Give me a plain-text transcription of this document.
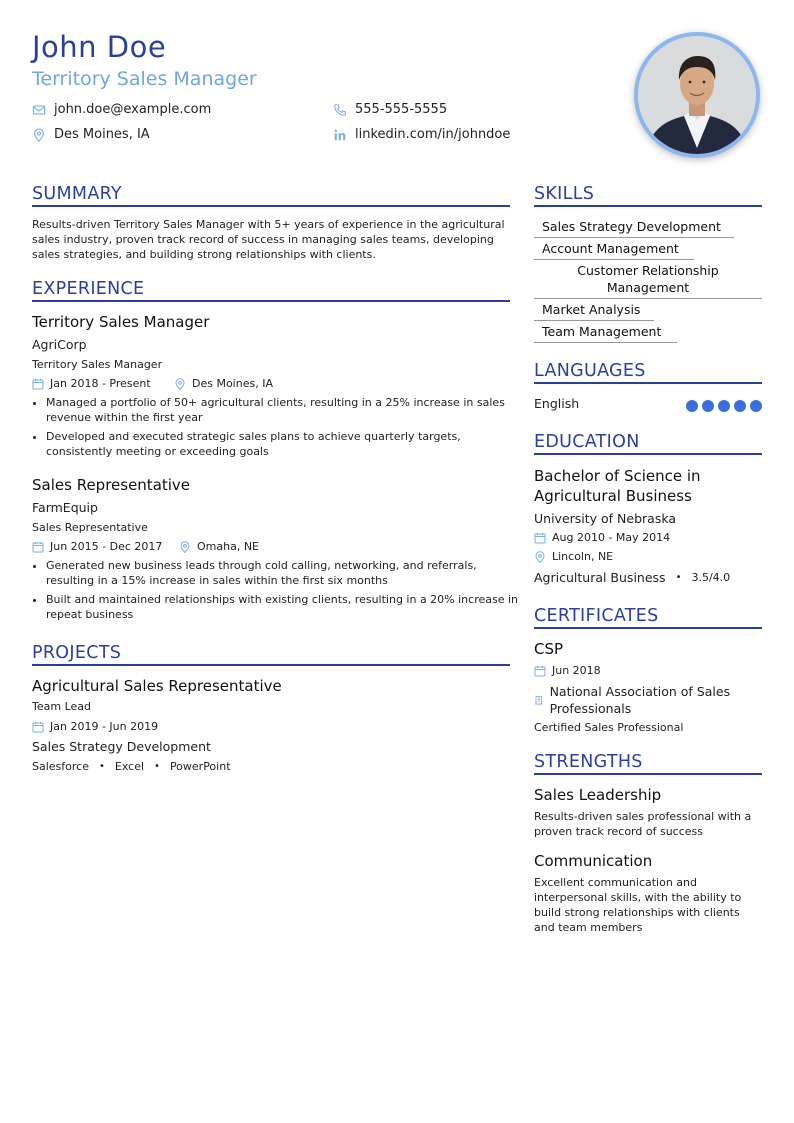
John Doe
Territory Sales Manager
john.doe@example.com	555-555-5555
Des Moines, IA	linkedin.com/in/johndoe
SUMMARY

Results-driven Territory Sales Manager with 5+ years of experience in the agricultural sales industry, proven track record of success in managing sales teams, developing sales strategies, and building strong relationships with clients.

EXPERIENCE
Territory Sales Manager
AgriCorp
Territory Sales Manager
Jan 2018 - Present	Des Moines, IA
• Managed a portfolio of 50+ agricultural clients, resulting in a 25% increase in sales revenue within the first year
• Developed and executed strategic sales plans to achieve quarterly targets, consistently meeting or exceeding goals
Sales Representative
FarmEquip
Sales Representative
Jun 2015 - Dec 2017	Omaha, NE
• Generated new business leads through cold calling, networking, and referrals, resulting in a 15% increase in sales within the first six months
• Built and maintained relationships with existing clients, resulting in a 20% increase in repeat business
PROJECTS
Agricultural Sales Representative
Team Lead
Jan 2019 - Jun 2019
Sales Strategy Development
Salesforce • Excel • PowerPoint
SKILLS
Sales Strategy Development
Account Management
Customer Relationship Management
Market Analysis
Team Management
LANGUAGES
English
EDUCATION
Bachelor of Science in Agricultural Business
University of Nebraska
Aug 2010 - May 2014
Lincoln, NE
Agricultural Business • 3.5/4.0
CERTIFICATES
CSP
Jun 2018
National Association of Sales Professionals
Certified Sales Professional
STRENGTHS
Sales Leadership

Results-driven sales professional with a proven track record of success

Communication

Excellent communication and interpersonal skills, with the ability to build strong relationships with clients and team members
